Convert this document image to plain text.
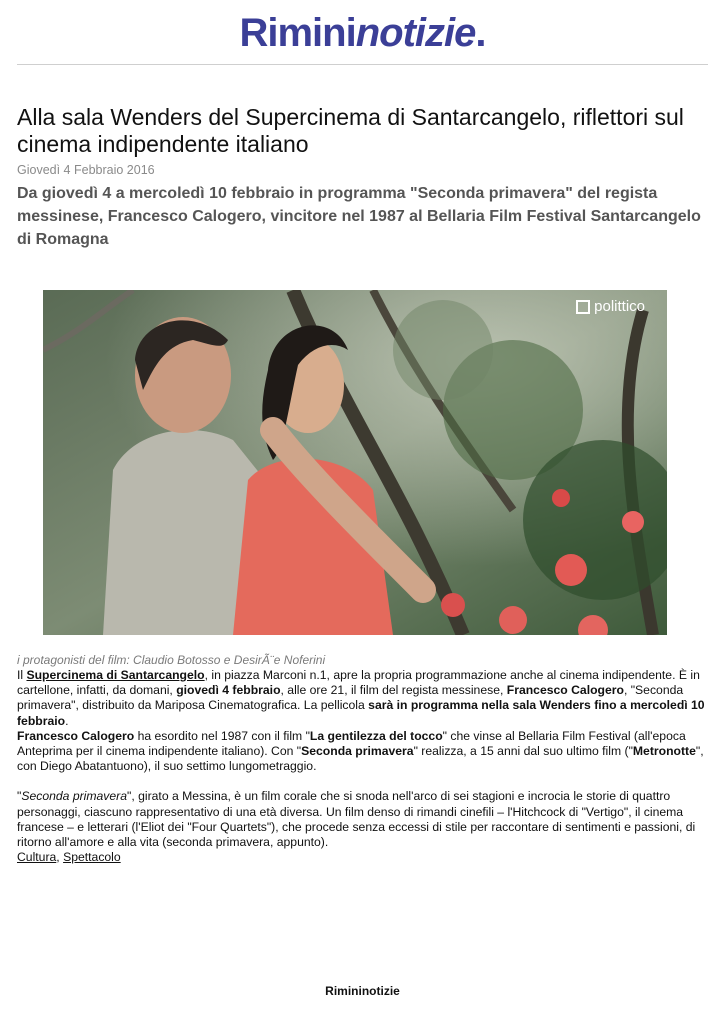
Rimininotizie.
Alla sala Wenders del Supercinema di Santarcangelo, riflettori sul cinema indipendente italiano
Giovedì 4 Febbraio 2016
Da giovedì 4 a mercoledì 10 febbraio in programma "Seconda primavera" del regista messinese, Francesco Calogero, vincitore nel 1987 al Bellaria Film Festival Santarcangelo di Romagna
polittico
i protagonisti del film: Claudio Botosso e DesirÃ¨e Noferini

Il Supercinema di Santarcangelo, in piazza Marconi n.1, apre la propria programmazione anche al cinema indipendente. È in cartellone, infatti, da domani, giovedì 4 febbraio, alle ore 21, il film del regista messinese, Francesco Calogero, "Seconda primavera", distribuito da Mariposa Cinematografica. La pellicola sarà in programma nella sala Wenders fino a mercoledì 10 febbraio.

Francesco Calogero ha esordito nel 1987 con il film "La gentilezza del tocco" che vinse al Bellaria Film Festival (all'epoca Anteprima per il cinema indipendente italiano). Con "Seconda primavera" realizza, a 15 anni dal suo ultimo film ("Metronotte", con Diego Abatantuono), il suo settimo lungometraggio.

"Seconda primavera", girato a Messina, è un film corale che si snoda nell'arco di sei stagioni e incrocia le storie di quattro personaggi, ciascuno rappresentativo di una età diversa. Un film denso di rimandi cinefili – l'Hitchcock di "Vertigo", il cinema francese – e letterari (l'Eliot dei "Four Quartets"), che procede senza eccessi di stile per raccontare di sentimenti e passioni, di ritorno all'amore e alla vita (seconda primavera, appunto).

Cultura, Spettacolo

Rimininotizie
